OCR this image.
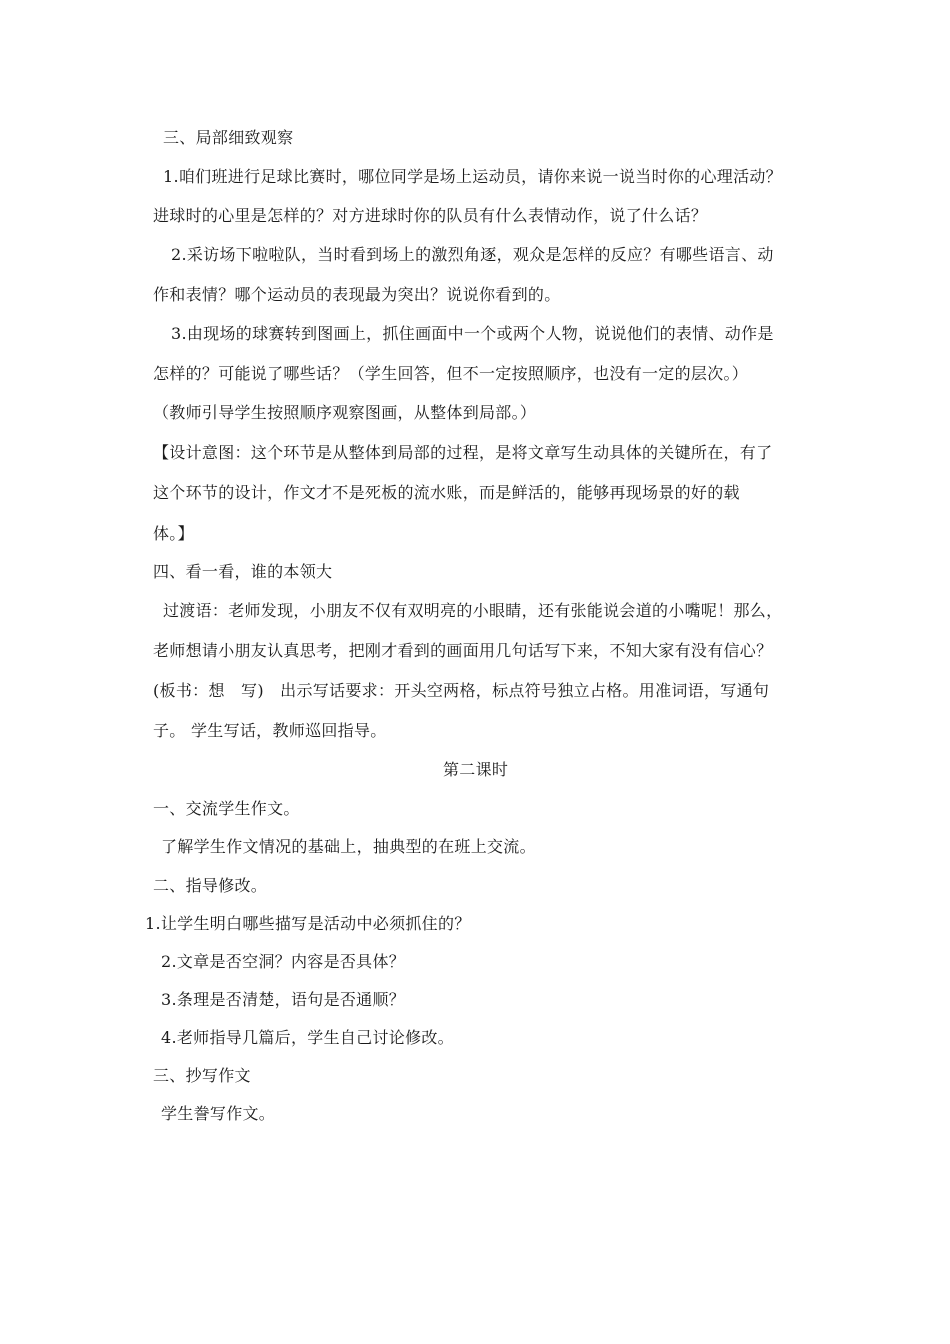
三、局部细致观察
1.咱们班进行足球比赛时，哪位同学是场上运动员，请你来说一说当时你的心理活动？
进球时的心里是怎样的？对方进球时你的队员有什么表情动作，说了什么话？
2.采访场下啦啦队，当时看到场上的激烈角逐，观众是怎样的反应？有哪些语言、动
作和表情？哪个运动员的表现最为突出？说说你看到的。
3.由现场的球赛转到图画上，抓住画面中一个或两个人物，说说他们的表情、动作是
怎样的？可能说了哪些话？（学生回答，但不一定按照顺序，也没有一定的层次。）
（教师引导学生按照顺序观察图画，从整体到局部。）
【设计意图：这个环节是从整体到局部的过程，是将文章写生动具体的关键所在，有了
这个环节的设计，作文才不是死板的流水账，而是鲜活的，能够再现场景的好的载
体。】
四、看一看，谁的本领大
过渡语：老师发现，小朋友不仅有双明亮的小眼睛，还有张能说会道的小嘴呢！那么，
老师想请小朋友认真思考，把刚才看到的画面用几句话写下来，不知大家有没有信心？
(板书：想　写)　出示写话要求：开头空两格，标点符号独立占格。用准词语，写通句
子。 学生写话，教师巡回指导。
第二课时
一、交流学生作文。
了解学生作文情况的基础上，抽典型的在班上交流。
二、指导修改。
1.让学生明白哪些描写是活动中必须抓住的？
2.文章是否空洞？内容是否具体？
3.条理是否清楚，语句是否通顺？
4.老师指导几篇后，学生自己讨论修改。
三、抄写作文
学生誊写作文。
